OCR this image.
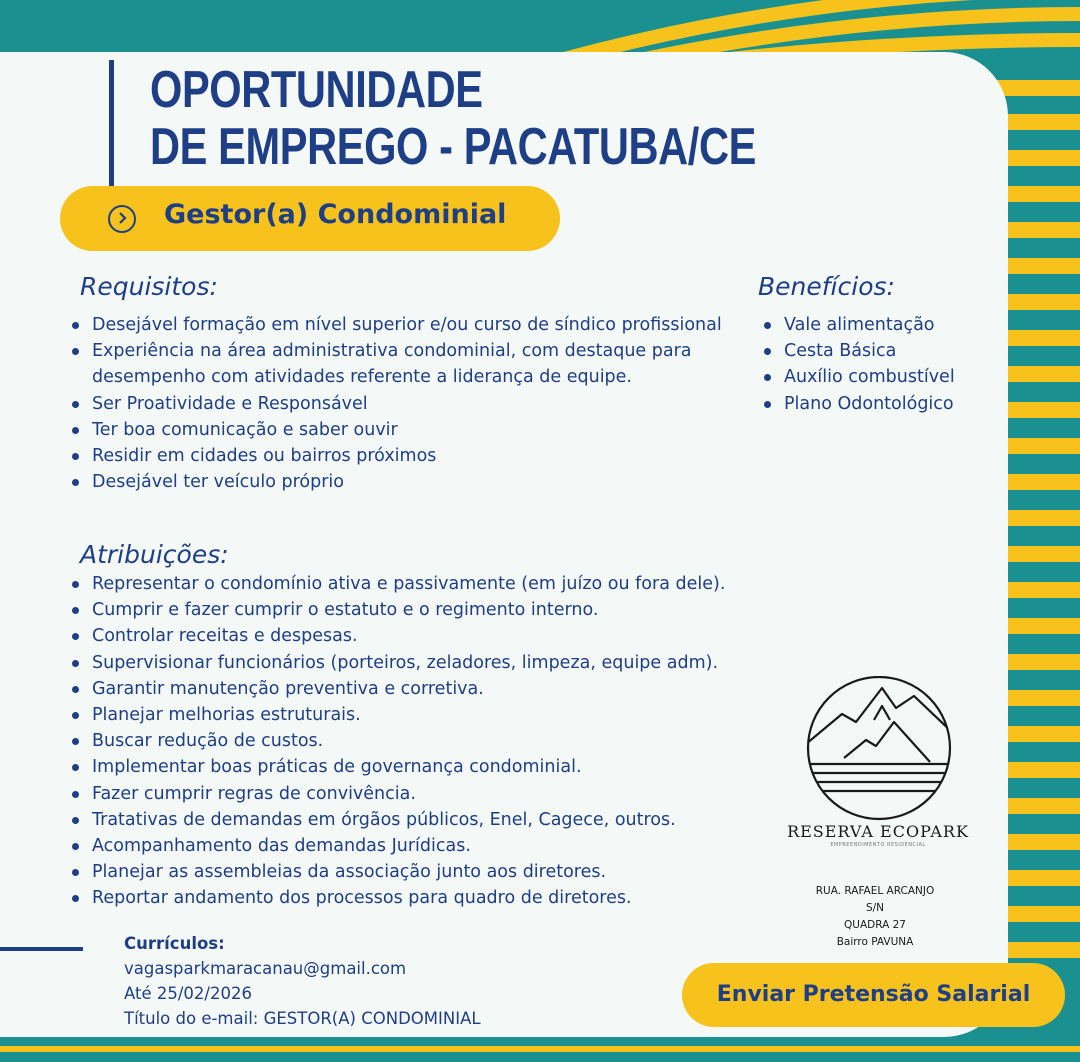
OPORTUNIDADE
DE EMPREGO - PACATUBA/CE
Gestor(a) Condominial
Requisitos:
Desejável formação em nível superior e/ou curso de síndico profissional
Experiência na área administrativa condominial, com destaque para desempenho com atividades referente a liderança de equipe.
Ser Proatividade e Responsável
Ter boa comunicação e saber ouvir
Residir em cidades ou bairros próximos
Desejável ter veículo próprio
Benefícios:
Vale alimentação
Cesta Básica
Auxílio combustível
Plano Odontológico
Atribuições:
Representar o condomínio ativa e passivamente (em juízo ou fora dele).
Cumprir e fazer cumprir o estatuto e o regimento interno.
Controlar receitas e despesas.
Supervisionar funcionários (porteiros, zeladores, limpeza, equipe adm).
Garantir manutenção preventiva e corretiva.
Planejar melhorias estruturais.
Buscar redução de custos.
Implementar boas práticas de governança condominial.
Fazer cumprir regras de convivência.
Tratativas de demandas em órgãos públicos, Enel, Cagece, outros.
Acompanhamento das demandas Jurídicas.
Planejar as assembleias da associação junto aos diretores.
Reportar andamento dos processos para quadro de diretores.
RESERVA ECOPARK
EMPREENDIMENTO RESIDENCIAL
RUA. RAFAEL ARCANJO
S/N
QUADRA 27
Bairro PAVUNA
Currículos:
vagasparkmaracanau@gmail.com
Até 25/02/2026
Título do e-mail: GESTOR(A) CONDOMINIAL
Enviar Pretensão Salarial
